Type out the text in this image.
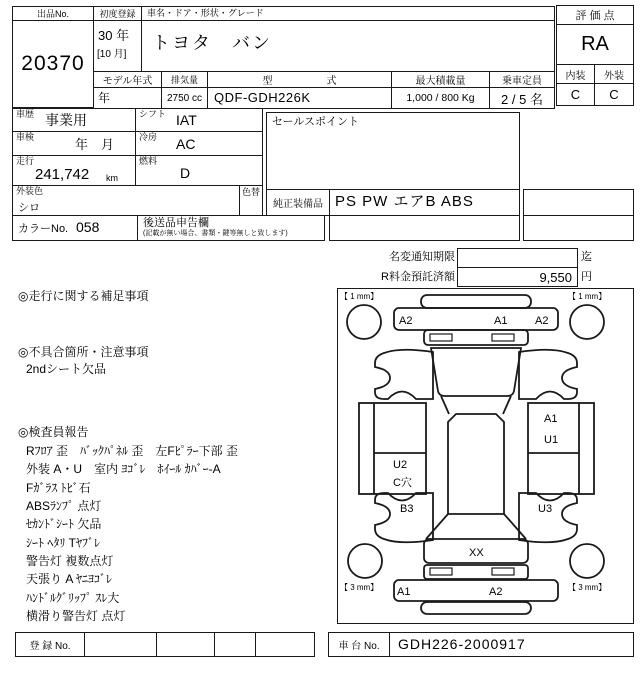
出品No.
20370
初度登録
30 年
[10 月]
車名・ドア・形状・グレード
トヨタ バン
モデル年式
年
排気量
2750 cc
型　式
QDF-GDH226K
最大積載量
1,000 / 800 Kg
乗車定員
2 / 5 名
評 価 点
RA
内装	外装
C	C
車歴 事業用	シフト IAT
車検	年　月	冷房 AC
走行
241,742 km
燃料
D
外装色
シロ
色替
カラーNo. 058	後送品申告欄
(記載が無い場合、書類・鍵等無しと致します)
セールスポイント
純正装備品 PS PW エアB ABS
名変通知期限	迄
R料金預託済額	9,550 円
◎走行に関する補足事項
◎不具合箇所・注意事項
2ndシート欠品
◎検査員報告
Rﾌﾛｱ 歪　ﾊﾞｯｸﾊﾟﾈﾙ 歪　左Fﾋﾟﾗｰ下部 歪
外装 A・U　室内 ﾖｺﾞﾚ　ﾎｲｰﾙ ｶﾊﾞｰ-A
Fｶﾞﾗｽ ﾄﾋﾞ石
ABSﾗﾝﾌﾟ 点灯
ｾｶﾝﾄﾞｼｰﾄ 欠品
ｼｰﾄ ﾍﾀﾘ Tﾔﾌﾞﾚ
警告灯 複数点灯
天張り A ﾔﾆﾖｺﾞﾚ
ﾊﾝﾄﾞﾙｸﾞﾘｯﾌﾟ ｽﾚ大
横滑り警告灯 点灯
A2	A1	A2
A1
U1
U2
C穴
B3	U3
XX
A1	A2
【 1 mm】	【 1 mm】
【 3 mm】	【 3 mm】
登 録 No.	車 台 No.	GDH226-2000917
